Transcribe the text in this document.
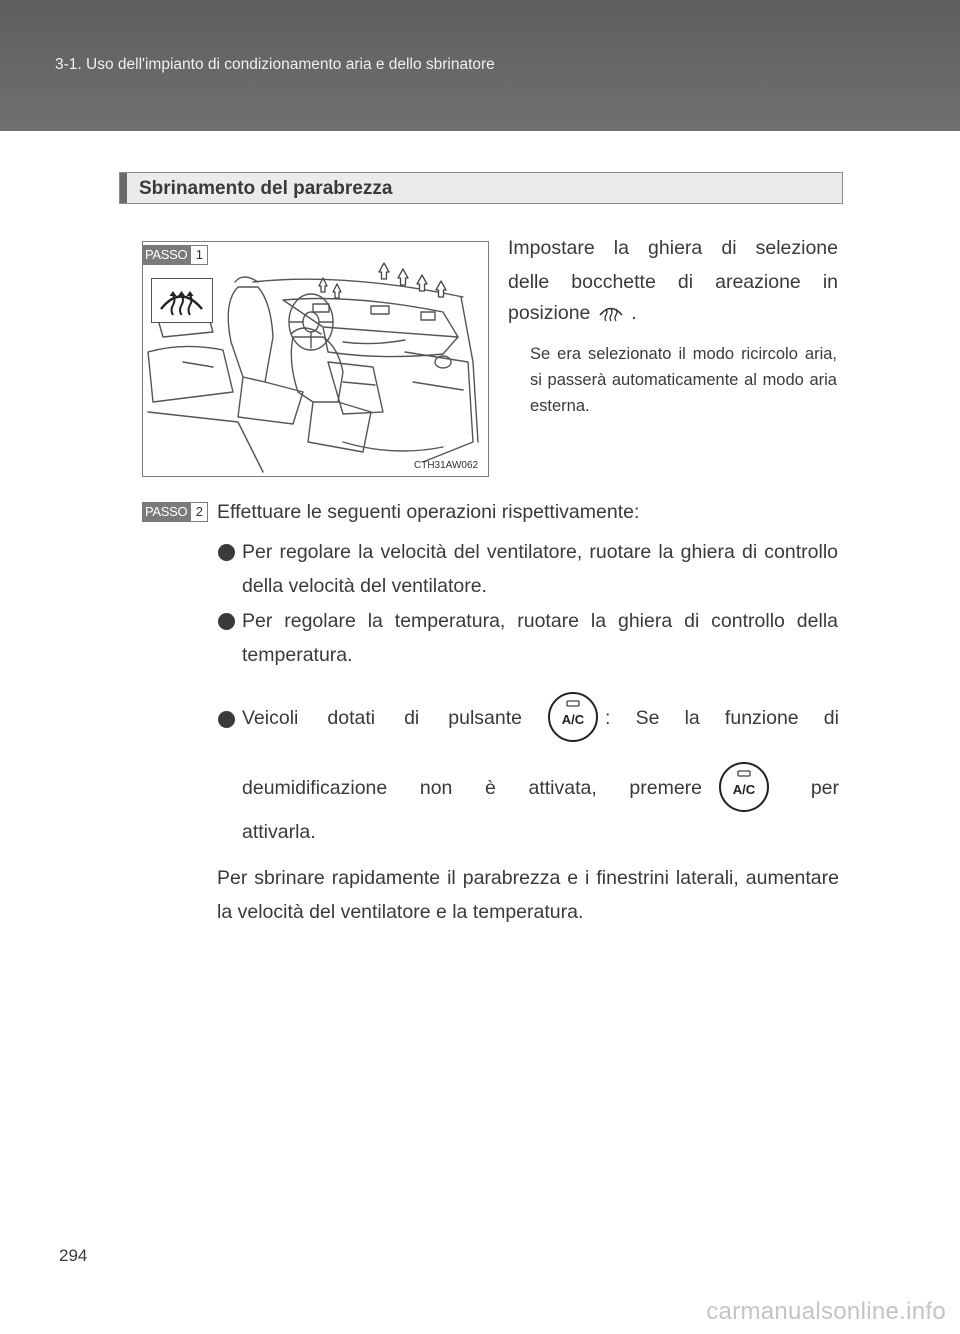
3-1. Uso dell'impianto di condizionamento aria e dello sbrinatore
Sbrinamento del parabrezza
PASSO 1
CTH31AW062
Impostare la ghiera di selezione
delle bocchette di areazione in
posizione .
Se era selezionato il modo ricircolo aria, si passerà automaticamente al modo aria esterna.
PASSO 2 Effettuare le seguenti operazioni rispettivamente:
Per regolare la velocità del ventilatore, ruotare la ghiera di controllo della velocità del ventilatore.
Per regolare la temperatura, ruotare la ghiera di controllo della temperatura.
Veicoli dotati di pulsante	A/C : Se la funzione di
deumidificazione non è attivata, premere A/C	per
attivarla.
Per sbrinare rapidamente il parabrezza e i finestrini laterali, aumentare la velocità del ventilatore e la temperatura.
294
carmanualsonline.info
